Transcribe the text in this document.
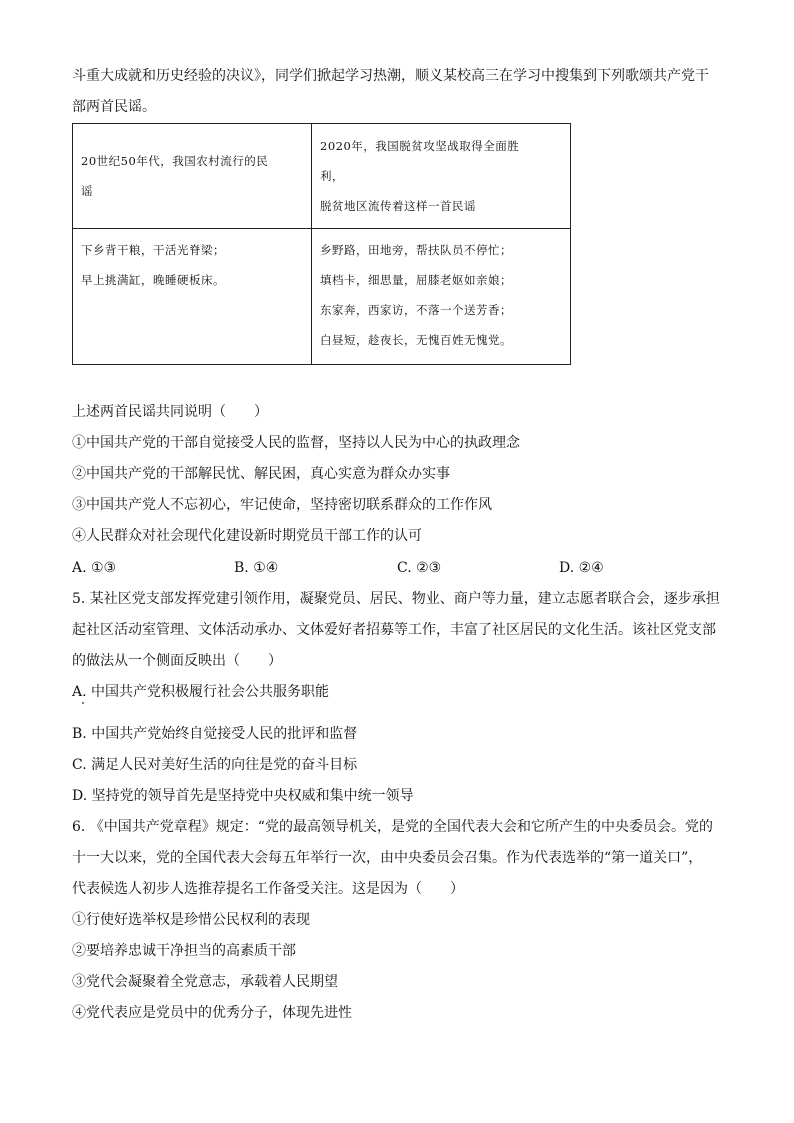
斗重大成就和历史经验的决议》，同学们掀起学习热潮，顺义某校高三在学习中搜集到下列歌颂共产党干
部两首民谣。
20世纪50年代，我国农村流行的民
谣	2020年，我国脱贫攻坚战取得全面胜
利，
脱贫地区流传着这样一首民谣

下乡背干粮，干活光脊梁；
早上挑满缸，晚睡硬板床。	乡野路，田地旁，帮扶队员不停忙；
填档卡，细思量，屈膝老妪如亲娘；
东家奔，西家访，不落一个送芳香；
白昼短，趁夜长，无愧百姓无愧党。
上述两首民谣共同说明（　　）
①中国共产党的干部自觉接受人民的监督，坚持以人民为中心的执政理念
②中国共产党的干部解民忧、解民困，真心实意为群众办实事
③中国共产党人不忘初心，牢记使命，坚持密切联系群众的工作作风
④人民群众对社会现代化建设新时期党员干部工作的认可
A. ①③	B. ①④	C. ②③	D. ②④
5. 某社区党支部发挥党建引领作用，凝聚党员、居民、物业、商户等力量，建立志愿者联合会，逐步承担
起社区活动室管理、文体活动承办、文体爱好者招募等工作，丰富了社区居民的文化生活。该社区党支部
的做法从一个侧面反映出（　　）
A. 中国共产党积极履行社会公共服务职能
B. 中国共产党始终自觉接受人民的批评和监督
C. 满足人民对美好生活的向往是党的奋斗目标
D. 坚持党的领导首先是坚持党中央权威和集中统一领导
6. 《中国共产党章程》规定：“党的最高领导机关，是党的全国代表大会和它所产生的中央委员会。党的
十一大以来，党的全国代表大会每五年举行一次，由中央委员会召集。作为代表选举的“第一道关口”，
代表候选人初步人选推荐提名工作备受关注。这是因为（　　）
①行使好选举权是珍惜公民权利的表现
②要培养忠诚干净担当的高素质干部
③党代会凝聚着全党意志，承载着人民期望
④党代表应是党员中的优秀分子，体现先进性
